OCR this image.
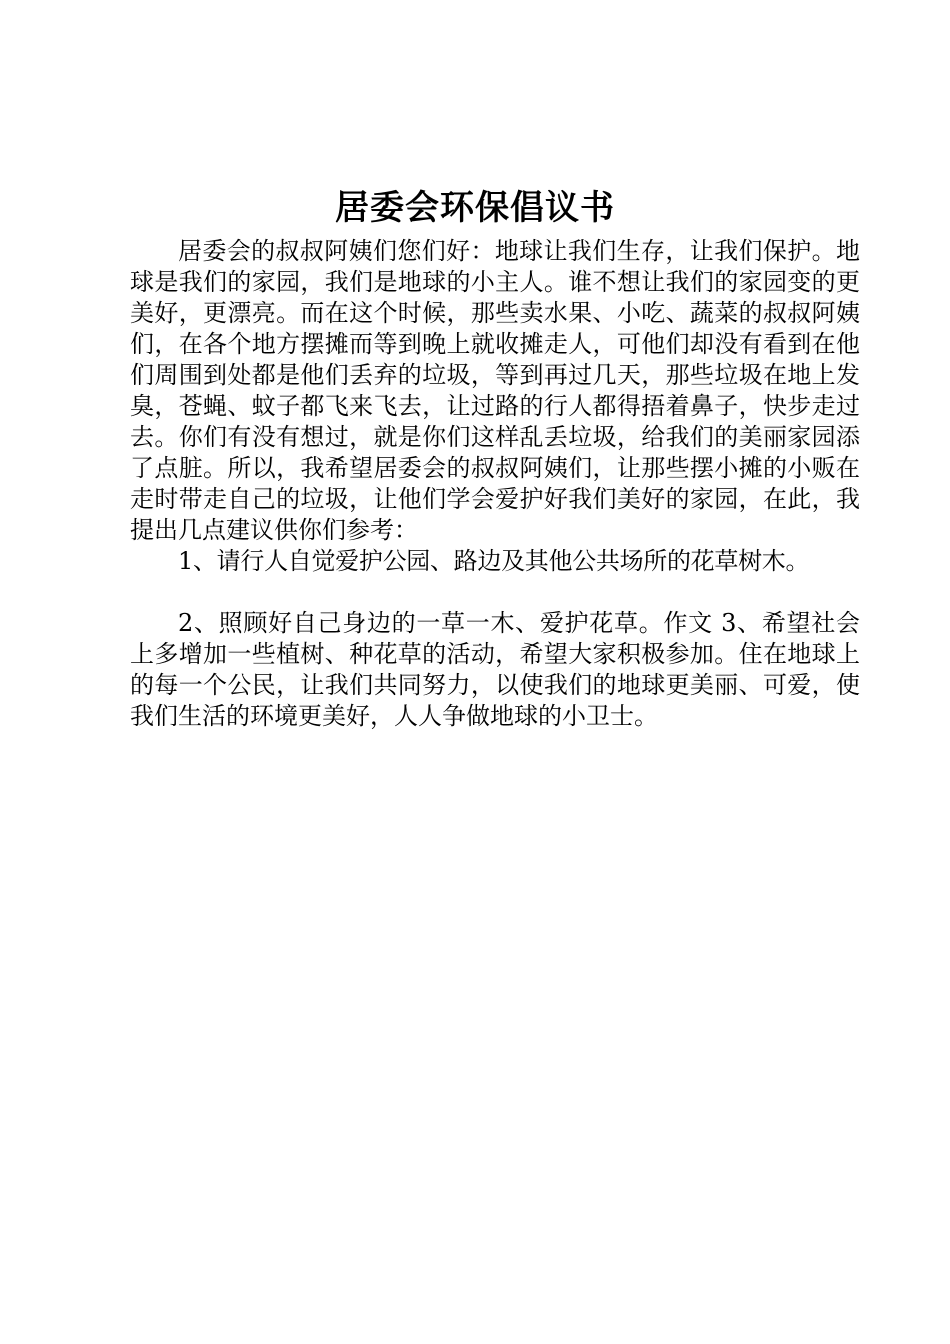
居委会环保倡议书

居委会的叔叔阿姨们您们好：地球让我们生存，让我们保护。地球是我们的家园，我们是地球的小主人。谁不想让我们的家园变的更美好，更漂亮。而在这个时候，那些卖水果、小吃、蔬菜的叔叔阿姨们，在各个地方摆摊而等到晚上就收摊走人，可他们却没有看到在他们周围到处都是他们丢弃的垃圾，等到再过几天，那些垃圾在地上发臭，苍蝇、蚊子都飞来飞去，让过路的行人都得捂着鼻子，快步走过去。你们有没有想过，就是你们这样乱丢垃圾，给我们的美丽家园添了点脏。所以，我希望居委会的叔叔阿姨们，让那些摆小摊的小贩在走时带走自己的垃圾，让他们学会爱护好我们美好的家园，在此，我提出几点建议供你们参考：

1、请行人自觉爱护公园、路边及其他公共场所的花草树木。

2、照顾好自己身边的一草一木、爱护花草。作文 3、希望社会上多增加一些植树、种花草的活动，希望大家积极参加。住在地球上的每一个公民，让我们共同努力，以使我们的地球更美丽、可爱，使我们生活的环境更美好，人人争做地球的小卫士。
